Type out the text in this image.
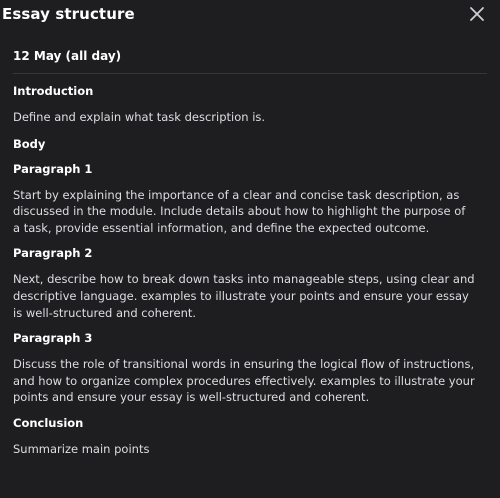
Essay structure
12 May (all day)
Introduction
Define and explain what task description is.
Body
Paragraph 1
Start by explaining the importance of a clear and concise task description, as discussed in the module. Include details about how to highlight the purpose of a task, provide essential information, and define the expected outcome.
Paragraph 2
Next, describe how to break down tasks into manageable steps, using clear and descriptive language. examples to illustrate your points and ensure your essay is well-structured and coherent.
Paragraph 3
Discuss the role of transitional words in ensuring the logical flow of instructions, and how to organize complex procedures effectively. examples to illustrate your points and ensure your essay is well-structured and coherent.
Conclusion
Summarize main points
